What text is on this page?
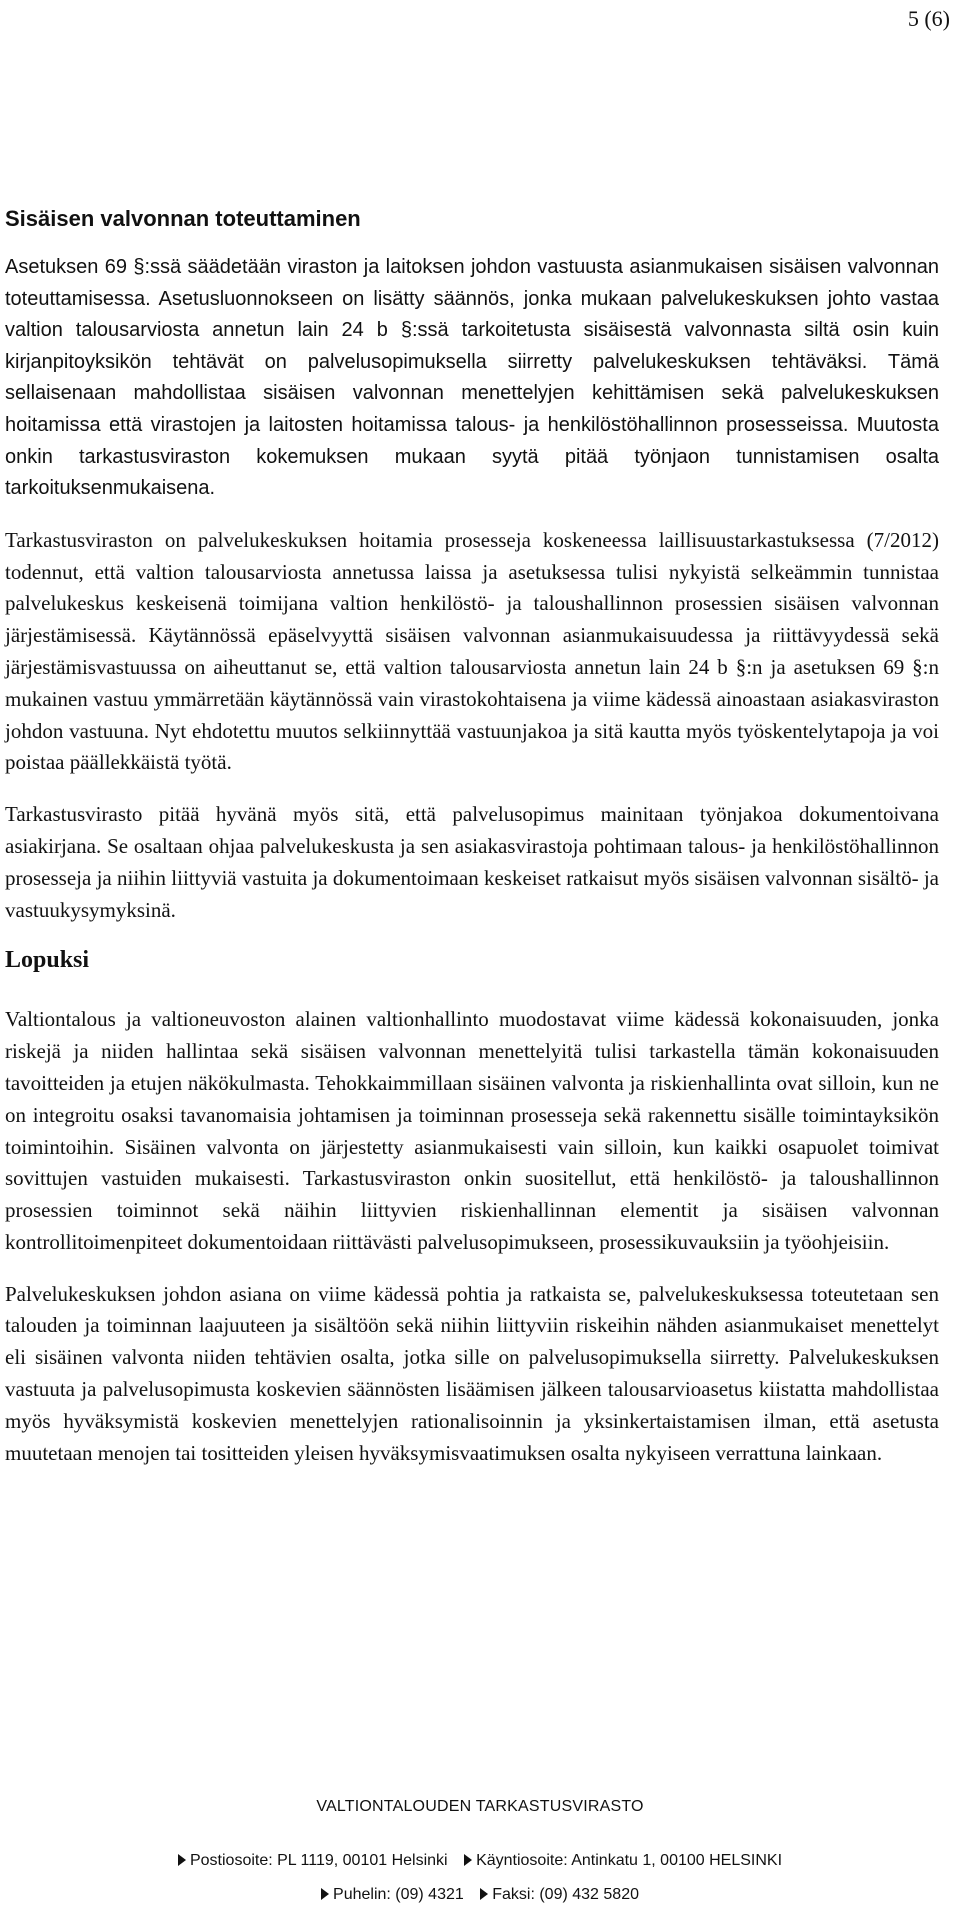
5 (6)
Sisäisen valvonnan toteuttaminen

Asetuksen 69 §:ssä säädetään viraston ja laitoksen johdon vastuusta asianmukaisen sisäisen valvonnan toteuttamisessa. Asetusluonnokseen on lisätty säännös, jonka mukaan palvelukeskuksen johto vastaa valtion talousarviosta annetun lain 24 b §:ssä tarkoitetusta sisäisestä valvonnasta siltä osin kuin kirjanpitoyksikön tehtävät on palvelusopimuksella siirretty palvelukeskuksen tehtäväksi. Tämä sellaisenaan mahdollistaa sisäisen valvonnan menettelyjen kehittämisen sekä palvelukeskuksen hoitamissa että virastojen ja laitosten hoitamissa talous- ja henkilöstöhallinnon prosesseissa. Muutosta onkin tarkastusviraston kokemuksen mukaan syytä pitää työnjaon tunnistamisen osalta tarkoituksenmukaisena.

Tarkastusviraston on palvelukeskuksen hoitamia prosesseja koskeneessa laillisuustarkastuksessa (7/2012) todennut, että valtion talousarviosta annetussa laissa ja asetuksessa tulisi nykyistä selkeämmin tunnistaa palvelukeskus keskeisenä toimijana valtion henkilöstö- ja taloushallinnon prosessien sisäisen valvonnan järjestämisessä. Käytännössä epäselvyyttä sisäisen valvonnan asianmukaisuudessa ja riittävyydessä sekä järjestämisvastuussa on aiheuttanut se, että valtion talousarviosta annetun lain 24 b §:n ja asetuksen 69 §:n mukainen vastuu ymmärretään käytännössä vain virastokohtaisena ja viime kädessä ainoastaan asiakasviraston johdon vastuuna. Nyt ehdotettu muutos selkiinnyttää vastuunjakoa ja sitä kautta myös työskentelytapoja ja voi poistaa päällekkäistä työtä.

Tarkastusvirasto pitää hyvänä myös sitä, että palvelusopimus mainitaan työnjakoa dokumentoivana asiakirjana. Se osaltaan ohjaa palvelukeskusta ja sen asiakasvirastoja pohtimaan talous- ja henkilöstöhallinnon prosesseja ja niihin liittyviä vastuita ja dokumentoimaan keskeiset ratkaisut myös sisäisen valvonnan sisältö- ja vastuukysymyksinä.

Lopuksi

Valtiontalous ja valtioneuvoston alainen valtionhallinto muodostavat viime kädessä kokonaisuuden, jonka riskejä ja niiden hallintaa sekä sisäisen valvonnan menettelyitä tulisi tarkastella tämän kokonaisuuden tavoitteiden ja etujen näkökulmasta. Tehokkaimmillaan sisäinen valvonta ja riskienhallinta ovat silloin, kun ne on integroitu osaksi tavanomaisia johtamisen ja toiminnan prosesseja sekä rakennettu sisälle toimintayksikön toimintoihin. Sisäinen valvonta on järjestetty asianmukaisesti vain silloin, kun kaikki osapuolet toimivat sovittujen vastuiden mukaisesti. Tarkastusviraston onkin suositellut, että henkilöstö- ja taloushallinnon prosessien toiminnot sekä näihin liittyvien riskienhallinnan elementit ja sisäisen valvonnan kontrollitoimenpiteet dokumentoidaan riittävästi palvelusopimukseen, prosessikuvauksiin ja työohjeisiin.

Palvelukeskuksen johdon asiana on viime kädessä pohtia ja ratkaista se, palvelukeskuksessa toteutetaan sen talouden ja toiminnan laajuuteen ja sisältöön sekä niihin liittyviin riskeihin nähden asianmukaiset menettelyt eli sisäinen valvonta niiden tehtävien osalta, jotka sille on palvelusopimuksella siirretty. Palvelukeskuksen vastuuta ja palvelusopimusta koskevien säännösten lisäämisen jälkeen talousarvioasetus kiistatta mahdollistaa myös hyväksymistä koskevien menettelyjen rationalisoinnin ja yksinkertaistamisen ilman, että asetusta muutetaan menojen tai tositteiden yleisen hyväksymisvaatimuksen osalta nykyiseen verrattuna lainkaan.

VALTIONTALOUDEN TARKASTUSVIRASTO
Postiosoite: PL 1119, 00101 Helsinki Käyntiosoite: Antinkatu 1, 00100 HELSINKI
Puhelin: (09) 4321 Faksi: (09) 432 5820
